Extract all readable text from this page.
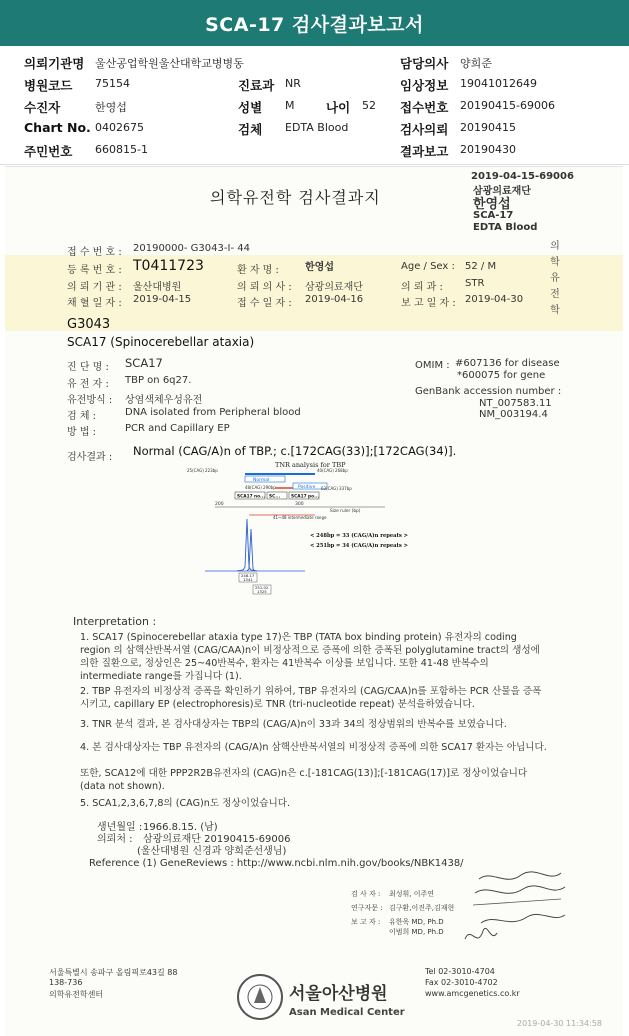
SCA-17 검사결과보고서
의뢰기관명 울산공업학원울산대학교병병동	담당의사 양희준
병원코드 75154	진료과 NR	임상정보 19041012649
수진자	한영섭	성별 M	나이 52 접수번호 20190415-69006
Chart No. 0402675	검체 EDTA Blood	검사의뢰 20190415
주민번호 660815-1	결과보고 20190430
2019-04-15-69006
삼광의료재단
한영섭
SCA-17
EDTA Blood
의학유전학 검사결과지
의
학
유
전
학
접 수 번 호 : 20190000- G3043-I- 44
등 록 번 호 : T0411723	환 자 명 :	한영섭	Age / Sex : 52 / M
의 뢰 기 관 : 울산대병원	의 뢰 의 사 : 삼광의료재단	의 뢰 과 : STR
채 혈 일 자 : 2019-04-15	접 수 일 자 : 2019-04-16	보 고 일 자 : 2019-04-30
G3043
SCA17 (Spinocerebellar ataxia)
진 단 명 : SCA17
유 전 자 : TBP on 6q27.
유전방식 : 상염색체우성유전
검 체 :	DNA isolated from Peripheral blood
방 법 :	PCR and Capillary EP
OMIM : #607136 for disease
*600075 for gene
GenBank accession number :
NT_007583.11
NM_003194.4
검사결과 : Normal (CAG/A)n of TBP.; c.[172CAG(33)];[172CAG(34)].
TNR analysis for TBP
Normal
25(CAG) 223bp	40(CAG) 268bp
48(CAG) 290bp	Positive 63(CAG) 337bp
SCA17 no... SC...	SCA17 po...
200	300
Size ruler (bp)
41~48 intermediate range
248.17
1341
251.02
1325
< 248bp = 33 (CAG/A)n repeats >
< 251bp = 34 (CAG/A)n repeats >
Interpretation :
1. SCA17 (Spinocerebellar ataxia type 17)은 TBP (TATA box binding protein) 유전자의 coding region 의 삼핵산반복서열 (CAG/CAA)n이 비정상적으로 증폭에 의한 증폭된 polyglutamine tract의 생성에 의한 질환으로, 정상인은 25~40반복수, 환자는 41반복수 이상를 보입니다. 또한 41-48 반복수의 intermediate range를 가집니다 (1).
2. TBP 유전자의 비정상적 증폭을 확인하기 위하여, TBP 유전자의 (CAG/CAA)n를 포함하는 PCR 산물을 증폭시키고, capillary EP (electrophoresis)로 TNR (tri-nucleotide repeat) 분석을하였습니다.
3. TNR 분석 결과, 본 검사대상자는 TBP의 (CAG/A)n이 33과 34의 정상범위의 반복수를 보였습니다.
4. 본 검사대상자는 TBP 유전자의 (CAG/A)n 삼핵산반복서열의 비정상적 증폭에 의한 SCA17 환자는 아닙니다.
또한, SCA12에 대한 PPP2R2B유전자의 (CAG)n은 c.[-181CAG(13)];[-181CAG(17)]로 정상이었습니다 (data not shown).
5. SCA1,2,3,6,7,8의 (CAG)n도 정상이었습니다.
생년월일 : 1966.8.15. (남)
의뢰처 : 삼광의료재단 20190415-69006
(울산대병원 신경과 양희준선생님)
Reference (1) GeneReviews : http://www.ncbi.nlm.nih.gov/books/NBK1438/
검 사 자 : 최성휘, 이주연
연구자문 : 김구환,이진주,김재현
보 고 자 : 유한욱 MD, Ph.D
이범희 MD, Ph.D
서울특별시 송파구 올림픽로43길 88
138-736
의학유전학센터	서울아산병원
Asan Medical Center
Tel 02-3010-4704
Fax 02-3010-4702
www.amcgenetics.co.kr
2019-04-30 11:34:58
